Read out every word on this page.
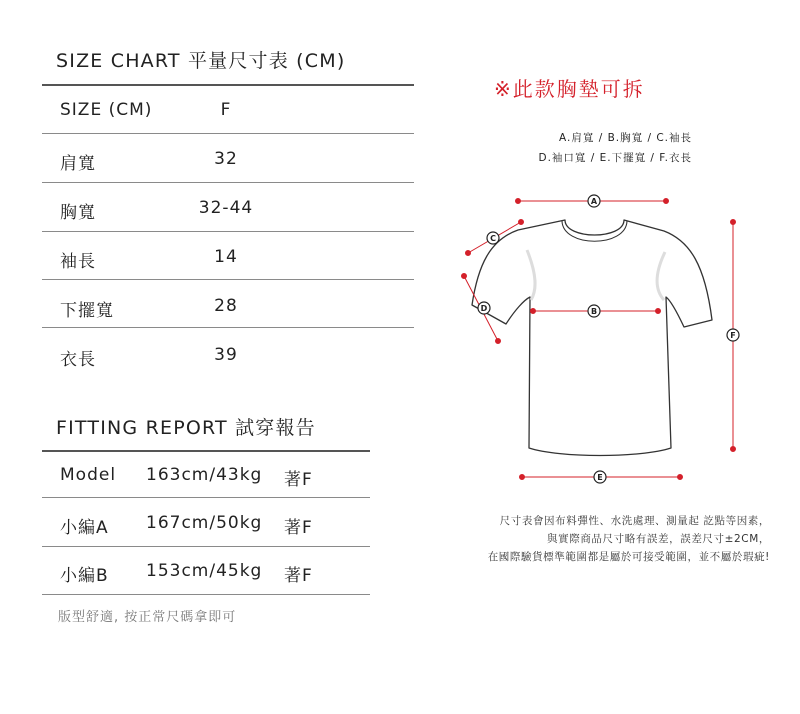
SIZE CHART 平量尺寸表 (CM)
SIZE (CM)	F
肩寬	32
胸寬	32-44
袖長	14
下擺寬	28
衣長	39
FITTING REPORT 試穿報告
Model 163cm/43kg 著F
小編A 167cm/50kg 著F
小編B 153cm/45kg 著F
版型舒適, 按正常尺碼拿即可
※此款胸墊可拆
A.肩寬 / B.胸寬 / C.袖長
D.袖口寬 / E.下擺寬 / F.衣長
A
B
C
D
E
F
尺寸表會因布料彈性、水洗處理、測量起 訖點等因素，
與實際商品尺寸略有誤差，誤差尺寸±2CM，
在國際驗貨標準範圍都是屬於可接受範圍，並不屬於瑕疵!
